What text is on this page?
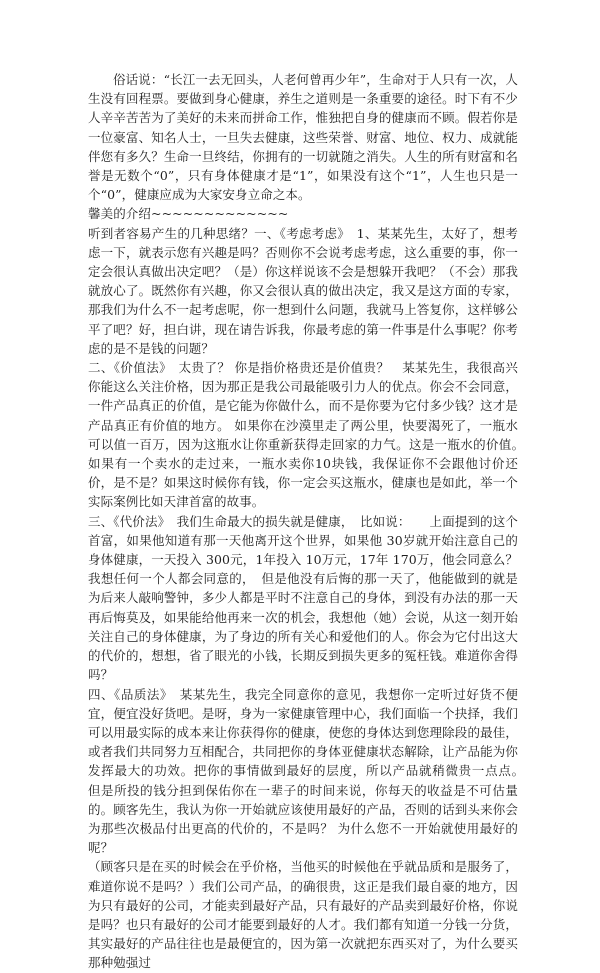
俗话说：“长江一去无回头，人老何曾再少年”，生命对于人只有一次，人生没有回程票。要做到身心健康，养生之道则是一条重要的途径。时下有不少人辛辛苦苦为了美好的未来而拼命工作，惟独把自身的健康而不顾。假若你是一位豪富、知名人士，一旦失去健康，这些荣誉、财富、地位、权力、成就能伴您有多久？生命一旦终结，你拥有的一切就随之消失。人生的所有财富和名誉是无数个“0”，只有身体健康才是“1”，如果没有这个“1”，人生也只是一个“0”，健康应成为大家安身立命之本。

馨美的介绍~~~~~~~~~~~~~

听到者容易产生的几种思绪？一、《考虑考虑》　1、某某先生，太好了，想考虑一下，就表示您有兴趣是吗？否则你不会说考虑考虑，这么重要的事，你一定会很认真做出决定吧？（是）你这样说该不会是想躲开我吧？（不会）那我就放心了。既然你有兴趣，你又会很认真的做出决定，我又是这方面的专家，那我们为什么不一起考虑呢，你一想到什么问题，我就马上答复你，这样够公平了吧？好，担白讲，现在请告诉我，你最考虑的第一件事是什么事呢？你考虑的是不是钱的问题？

二、《价值法》　太贵了？ 你是指价格贵还是价值贵？　某某先生，我很高兴你能这么关注价格，因为那正是我公司最能吸引力人的优点。你会不会同意，一件产品真正的价值，是它能为你做什么，而不是你要为它付多少钱？这才是产品真正有价值的地方。 如果你在沙漠里走了两公里，快要渴死了，一瓶水可以值一百万，因为这瓶水让你重新获得走回家的力气。这是一瓶水的价值。　如果有一个卖水的走过来，一瓶水卖你10块钱，我保证你不会跟他讨价还价，是不是？如果这时候你有钱，你一定会买这瓶水，健康也是如此，举一个实际案例比如天津首富的故事。

三、《代价法》　我们生命最大的损失就是健康，　比如说：　　上面提到的这个首富，如果他知道有那一天他离开这个世界，如果他 30岁就开始注意自己的身体健康，一天投入 300元，1年投入 10万元，17年 170万，他会同意么？我想任何一个人都会同意的，　但是他没有后悔的那一天了，他能做到的就是为后来人敲响警钟，多少人都是平时不注意自己的身体，到没有办法的那一天再后悔莫及，如果能给他再来一次的机会，我想他（她）会说，从这一刻开始关注自己的身体健康，为了身边的所有关心和爱他们的人。你会为它付出这大的代价的，想想，省了眼光的小钱，长期反到损失更多的冤枉钱。难道你舍得吗？

四、《品质法》　某某先生，我完全同意你的意见，我想你一定听过好货不便宜，便宜没好货吧。是呀，身为一家健康管理中心，我们面临一个抉择，我们可以用最实际的成本来让你获得你的健康，使您的身体达到您理除段的最佳，或者我们共同努力互相配合，共同把你的身体亚健康状态解除，让产品能为你发挥最大的功效。把你的事情做到最好的层度，所以产品就稍微贵一点点。　但是所投的钱分担到保佑你在一辈子的时间来说，你每天的收益是不可估量的。顾客先生，我认为你一开始就应该使用最好的产品，否则的话到头来你会为那些次极品付出更高的代价的，不是吗？ 为什么您不一开始就使用最好的呢？

（顾客只是在买的时候会在乎价格，当他买的时候他在乎就品质和是服务了，难道你说不是吗？）我们公司产品，的确很贵，这正是我们最自豪的地方，因为只有最好的公司，才能卖到最好产品，只有最好的产品卖到最好价格，你说是吗？也只有最好的公司才能要到最好的人才。我们都有知道一分钱一分货，其实最好的产品往往也是最便宜的，因为第一次就把东西买对了，为什么要买那种勉强过
